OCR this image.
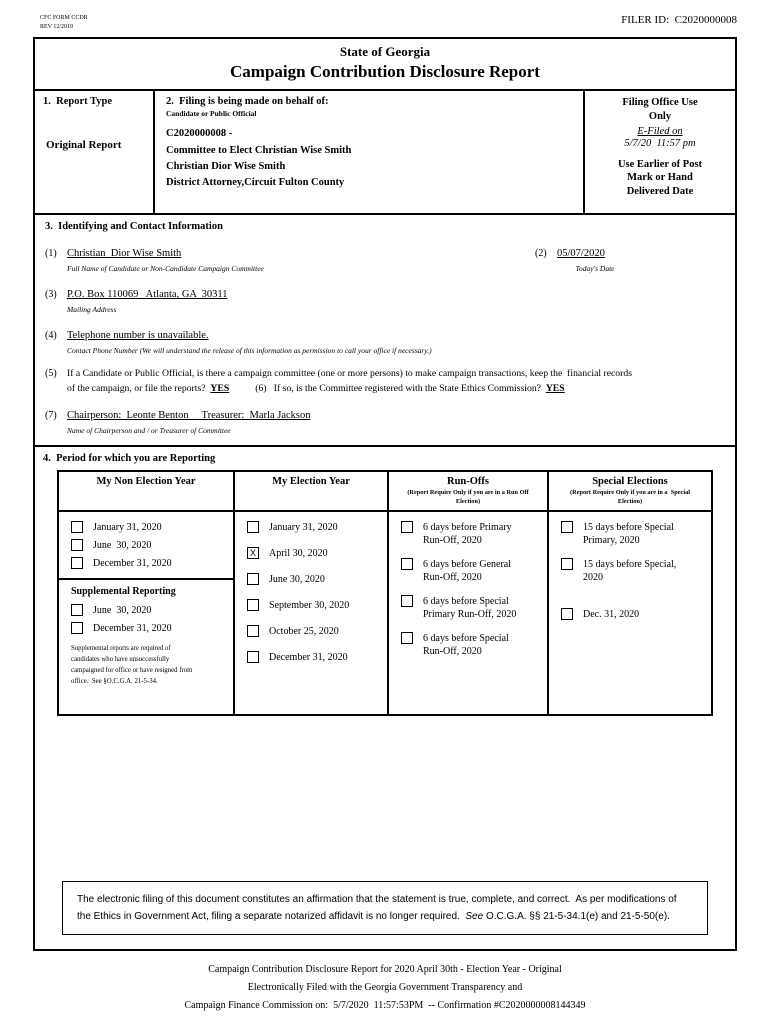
CFC FORM CCDR
REV 12/2019
FILER ID:  C2020000008
State of Georgia
Campaign Contribution Disclosure Report
1.  Report Type
Original Report
2.  Filing is being made on behalf of:
Candidate or Public Official
C2020000008 -
Committee to Elect Christian Wise Smith
Christian Dior Wise Smith
District Attorney,Circuit Fulton County
Filing Office Use Only
E-Filed on
5/7/20  11:57 pm
Use Earlier of Post Mark or Hand Delivered Date
3.  Identifying and Contact Information
(1) Christian  Dior Wise Smith
Full Name of Candidate or Non-Candidate Campaign Committee
(2) 05/07/2020
Today's Date
(3) P.O. Box 110069   Atlanta, GA  30311
Mailing Address
(4) Telephone number is unavailable.
Contact Phone Number (We will understand the release of this information as permission to call your office if necessary.)
(5) If a Candidate or Public Official, is there a campaign committee (one or more persons) to make campaign transactions, keep the  financial records
of the campaign, or file the reports?  YES	(6)   If so, is the Committee registered with the State Ethics Commission?  YES
(7) Chairperson:  Leonte Benton     Treasurer:  Marla Jackson
Name of Chairperson and / or Treasurer of Committee
4.  Period for which you are Reporting
My Non Election Year
January 31, 2020
June  30, 2020
December 31, 2020
Supplemental Reporting
June  30, 2020
December 31, 2020
Supplemental reports are required of candidates who have unsuccessfully campaigned for office or have resigned from office.  See §O.C.G.A. 21-5-34.
My Election Year
January 31, 2020
X	April 30, 2020
June 30, 2020
September 30, 2020
October 25, 2020
December 31, 2020
Run-Offs
(Report Require Only if you are in a Run Off Election)
6 days before Primary Run-Off, 2020
6 days before General Run-Off, 2020
6 days before Special Primary Run-Off, 2020
6 days before Special Run-Off, 2020
Special Elections
(Report Require Only if you are in a  Special Election)
15 days before Special Primary, 2020
15 days before Special, 2020
Dec. 31, 2020
The electronic filing of this document constitutes an affirmation that the statement is true, complete, and correct.  As per modifications of the Ethics in Government Act, filing a separate notarized affidavit is no longer required.  See O.C.G.A. §§ 21-5-34.1(e) and 21-5-50(e).
Campaign Contribution Disclosure Report for 2020 April 30th - Election Year - Original
Electronically Filed with the Georgia Government Transparency and
Campaign Finance Commission on:  5/7/2020  11:57:53PM  -- Confirmation #C2020000008144349
